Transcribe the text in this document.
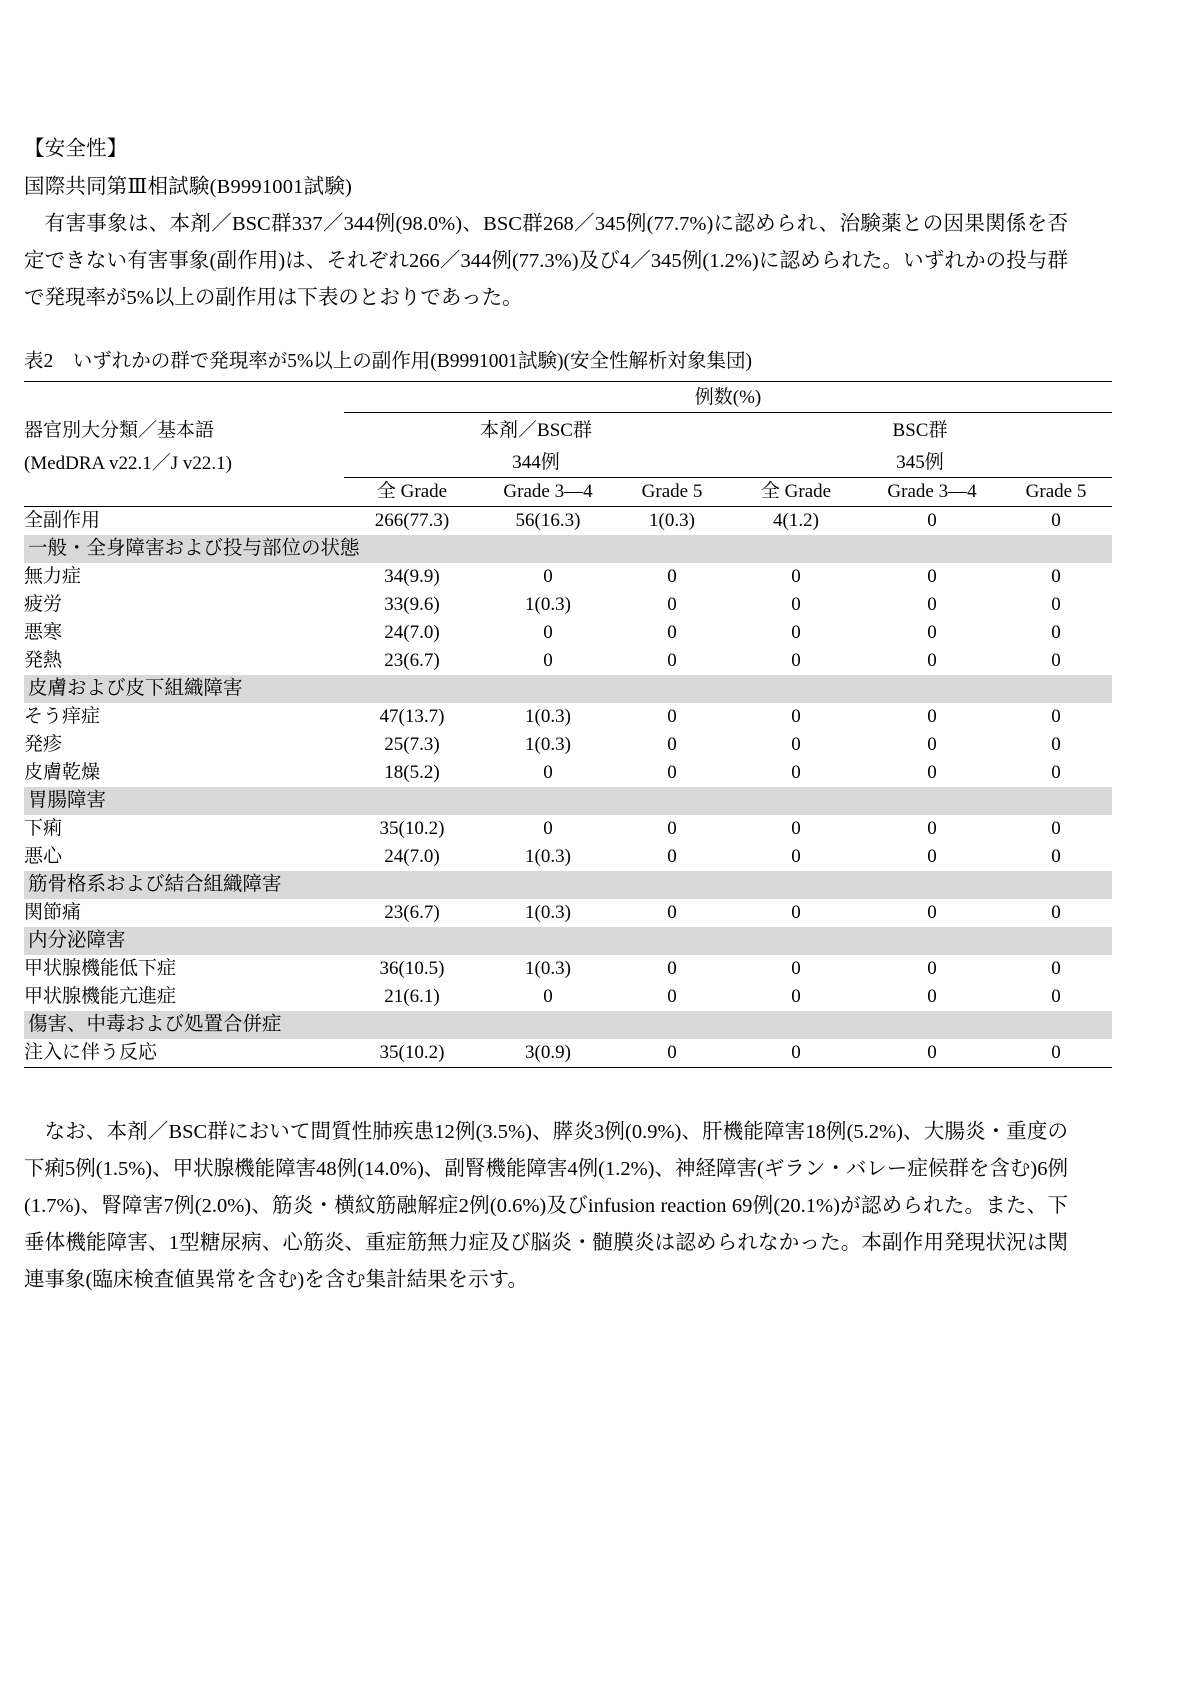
【安全性】
国際共同第Ⅲ相試験(B9991001試験)
　有害事象は、本剤／BSC群337／344例(98.0%)、BSC群268／345例(77.7%)に認められ、治験薬との因果関係を否定できない有害事象(副作用)は、それぞれ266／344例(77.3%)及び4／345例(1.2%)に認められた。いずれかの投与群で発現率が5%以上の副作用は下表のとおりであった。
表2　いずれかの群で発現率が5%以上の副作用(B9991001試験)(安全性解析対象集団)
	例数(%)					
器官別大分類／基本語	本剤／BSC群			BSC群		
(MedDRA v22.1／J v22.1)	344例			345例		
	全 Grade	Grade 3—4	Grade 5	全 Grade	Grade 3—4	Grade 5
全副作用	266(77.3)	56(16.3)	1(0.3)	4(1.2)	0	0
一般・全身障害および投与部位の状態						
無力症	34(9.9)	0	0	0	0	0
疲労	33(9.6)	1(0.3)	0	0	0	0
悪寒	24(7.0)	0	0	0	0	0
発熱	23(6.7)	0	0	0	0	0
皮膚および皮下組織障害						
そう痒症	47(13.7)	1(0.3)	0	0	0	0
発疹	25(7.3)	1(0.3)	0	0	0	0
皮膚乾燥	18(5.2)	0	0	0	0	0
胃腸障害						
下痢	35(10.2)	0	0	0	0	0
悪心	24(7.0)	1(0.3)	0	0	0	0
筋骨格系および結合組織障害						
関節痛	23(6.7)	1(0.3)	0	0	0	0
内分泌障害						
甲状腺機能低下症	36(10.5)	1(0.3)	0	0	0	0
甲状腺機能亢進症	21(6.1)	0	0	0	0	0
傷害、中毒および処置合併症						
注入に伴う反応	35(10.2)	3(0.9)	0	0	0	0
　なお、本剤／BSC群において間質性肺疾患12例(3.5%)、膵炎3例(0.9%)、肝機能障害18例(5.2%)、大腸炎・重度の下痢5例(1.5%)、甲状腺機能障害48例(14.0%)、副腎機能障害4例(1.2%)、神経障害(ギラン・バレー症候群を含む)6例(1.7%)、腎障害7例(2.0%)、筋炎・横紋筋融解症2例(0.6%)及びinfusion reaction 69例(20.1%)が認められた。また、下垂体機能障害、1型糖尿病、心筋炎、重症筋無力症及び脳炎・髄膜炎は認められなかった。本副作用発現状況は関連事象(臨床検査値異常を含む)を含む集計結果を示す。
